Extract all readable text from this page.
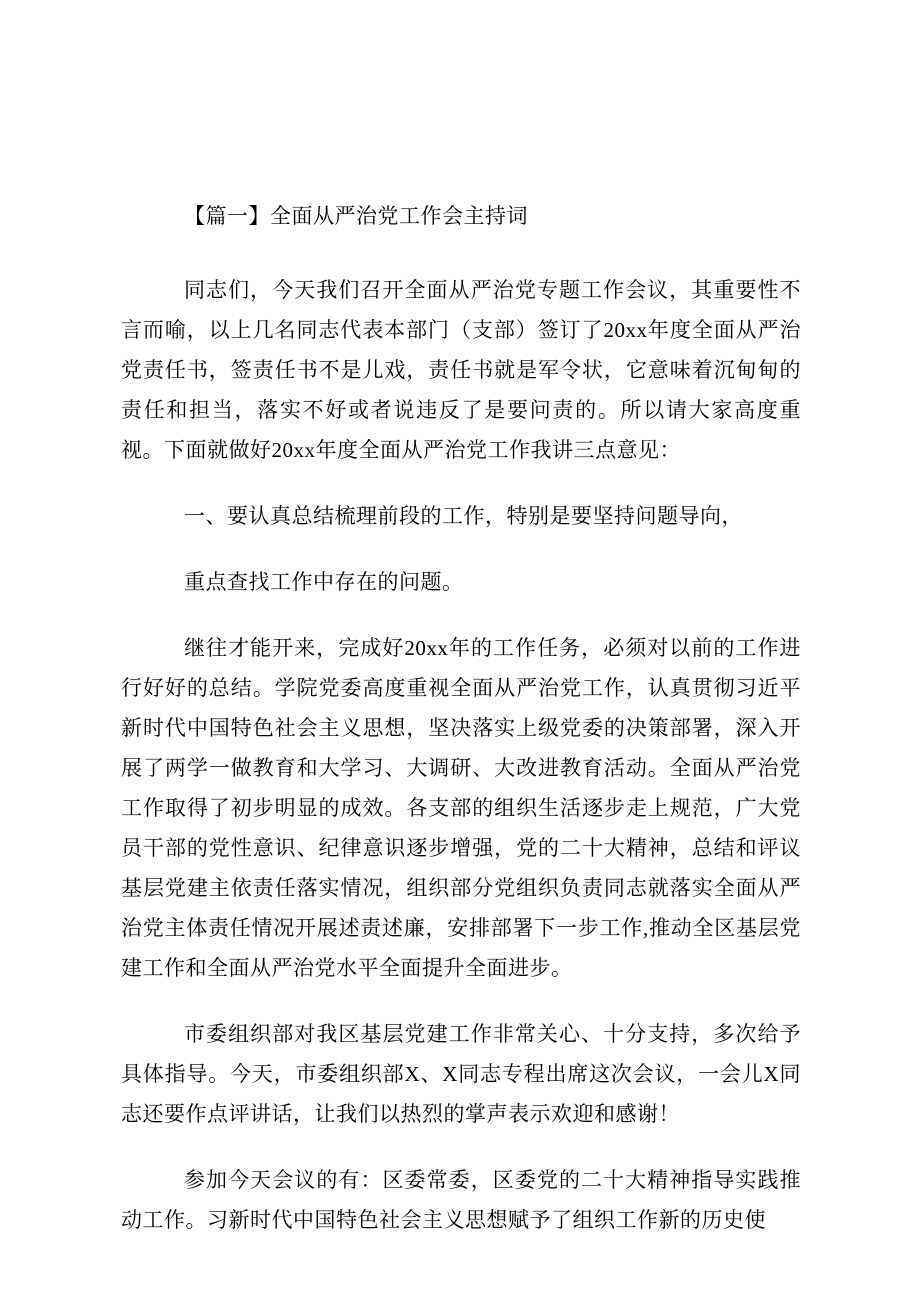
【篇一】全面从严治党工作会主持词

同志们，今天我们召开全面从严治党专题工作会议，其重要性不言而喻，以上几名同志代表本部门（支部）签订了20xx年度全面从严治党责任书，签责任书不是儿戏，责任书就是军令状，它意味着沉甸甸的责任和担当，落实不好或者说违反了是要问责的。所以请大家高度重视。下面就做好20xx年度全面从严治党工作我讲三点意见：

一、要认真总结梳理前段的工作，特别是要坚持问题导向，

重点查找工作中存在的问题。

继往才能开来，完成好20xx年的工作任务，必须对以前的工作进行好好的总结。学院党委高度重视全面从严治党工作，认真贯彻习近平新时代中国特色社会主义思想，坚决落实上级党委的决策部署，深入开展了两学一做教育和大学习、大调研、大改进教育活动。全面从严治党工作取得了初步明显的成效。各支部的组织生活逐步走上规范，广大党员干部的党性意识、纪律意识逐步增强，党的二十大精神，总结和评议基层党建主依责任落实情况，组织部分党组织负责同志就落实全面从严治党主体责任情况开展述责述廉，安排部署下一步工作,推动全区基层党建工作和全面从严治党水平全面提升全面进步。

市委组织部对我区基层党建工作非常关心、十分支持，多次给予具体指导。今天，市委组织部X、X同志专程出席这次会议，一会儿X同志还要作点评讲话，让我们以热烈的掌声表示欢迎和感谢！

参加今天会议的有：区委常委，区委党的二十大精神指导实践推动工作。习新时代中国特色社会主义思想赋予了组织工作新的历史使
